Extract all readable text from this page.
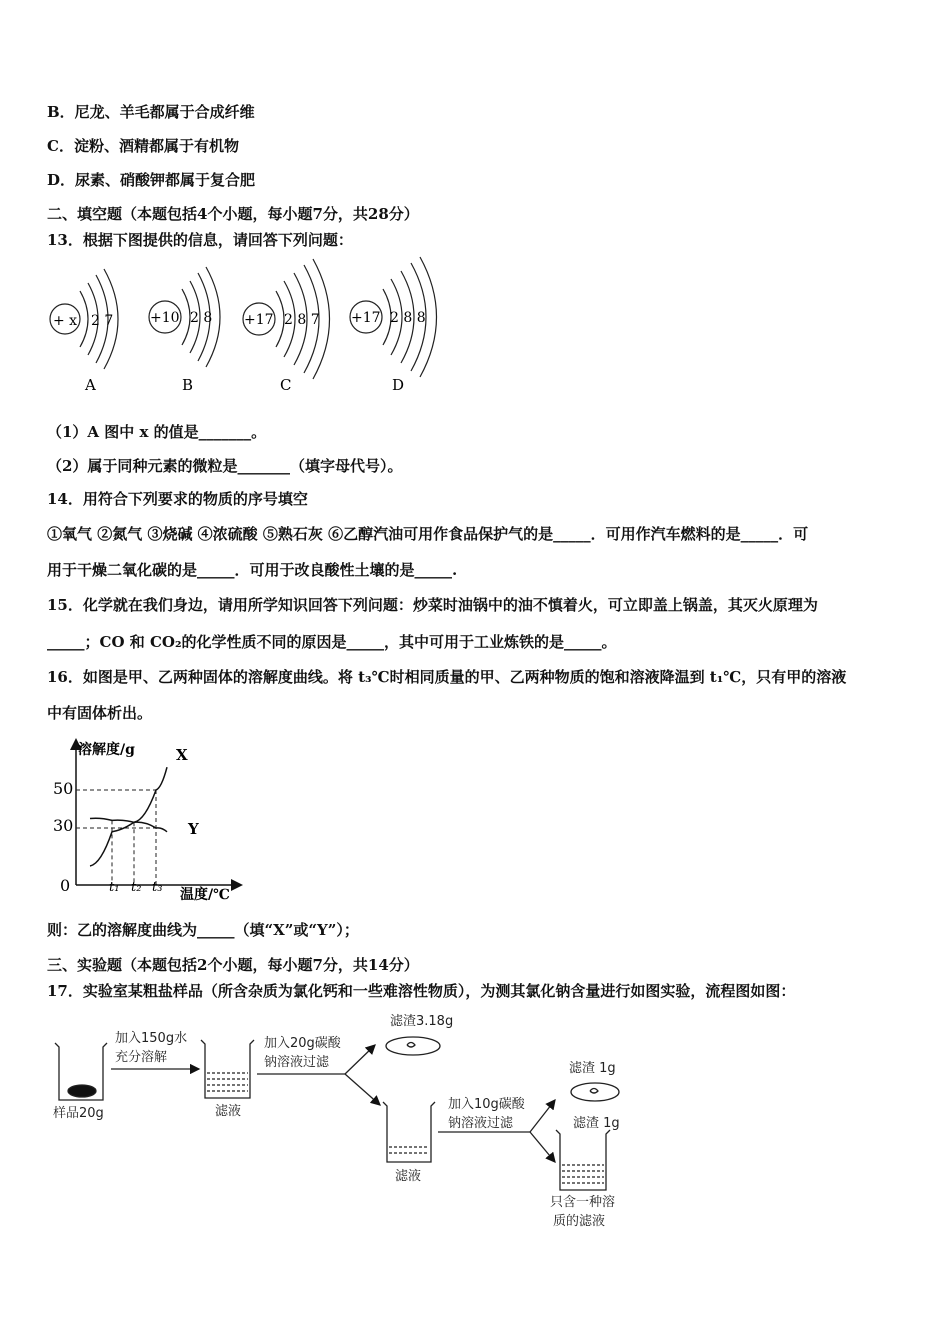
B．尼龙、羊毛都属于合成纤维
C．淀粉、酒精都属于有机物
D．尿素、硝酸钾都属于复合肥
二、填空题（本题包括4个小题，每小题7分，共28分）
13．根据下图提供的信息，请回答下列问题：
+ x 2 7
A
+10 2 8
B
+17 2 8 7
C
+17 2 8 8
D
（1）A 图中 x 的值是_______。
（2）属于同种元素的微粒是_______（填字母代号）。
14．用符合下列要求的物质的序号填空
①氧气 ②氮气 ③烧碱 ④浓硫酸 ⑤熟石灰 ⑥乙醇汽油可用作食品保护气的是_____．可用作汽车燃料的是_____．可
用于干燥二氧化碳的是_____．可用于改良酸性土壤的是_____.
15．化学就在我们身边，请用所学知识回答下列问题：炒菜时油锅中的油不慎着火，可立即盖上锅盖，其灭火原理为
_____；CO 和 CO₂的化学性质不同的原因是_____，其中可用于工业炼铁的是_____。
16．如图是甲、乙两种固体的溶解度曲线。将 t₃℃时相同质量的甲、乙两种物质的饱和溶液降温到 t₁℃，只有甲的溶液
中有固体析出。
溶解度/g
温度/℃
0
50
30
t₁ t₂ t₃
X
Y
则：乙的溶解度曲线为_____（填“X”或“Y”）；
三、实验题（本题包括2个小题，每小题7分，共14分）
17．实验室某粗盐样品（所含杂质为氯化钙和一些难溶性物质），为测其氯化钠含量进行如图实验，流程图如图：
加入150g水
充分溶解
样品20g	滤液
加入20g碳酸
钠溶液过滤
滤渣3.18g
滤液
加入10g碳酸
钠溶液过滤
滤渣 1g
滤渣 1g
只含一种溶
质的滤液
